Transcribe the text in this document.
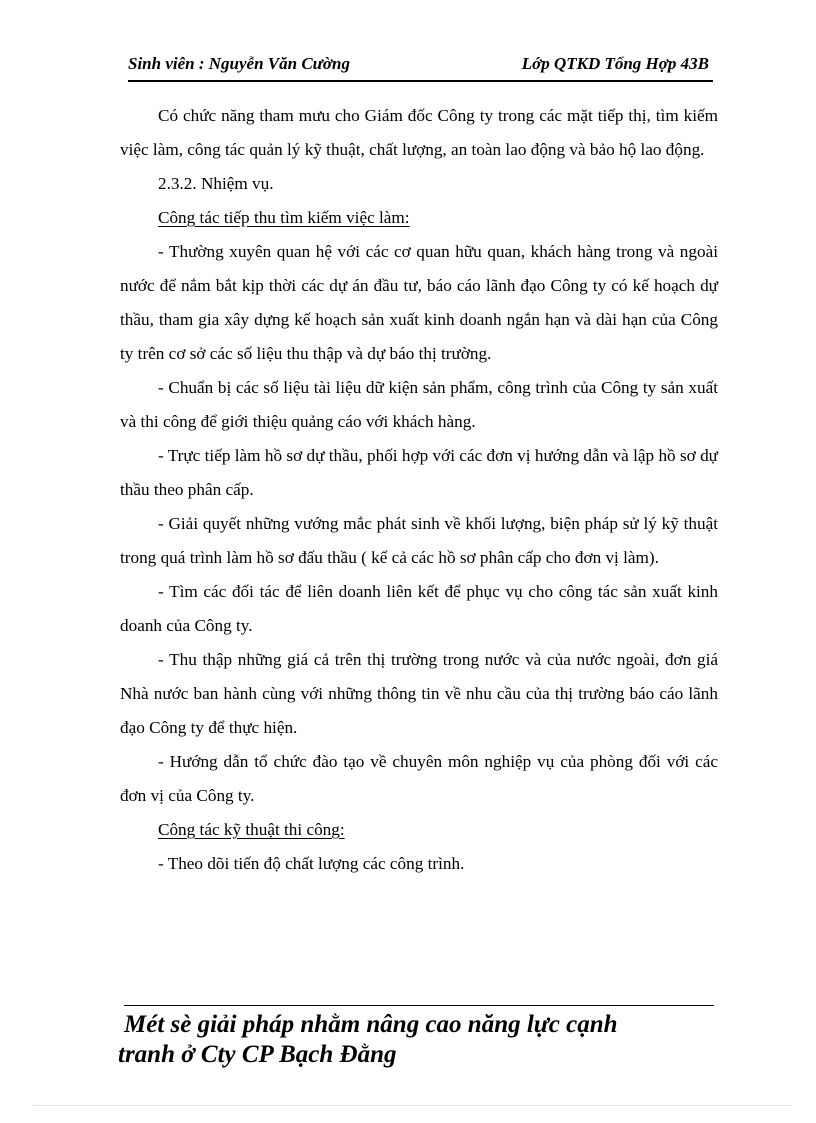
Sinh viên : Nguyễn Văn Cường	Lớp QTKD Tổng Hợp 43B

Có chức năng tham mưu cho Giám đốc Công ty trong các mặt tiếp thị, tìm kiếm việc làm, công tác quản lý kỹ thuật, chất lượng, an toàn lao động và bảo hộ lao động.

2.3.2. Nhiệm vụ.

Công tác tiếp thu tìm kiếm việc làm:

- Thường xuyên quan hệ với các cơ quan hữu quan, khách hàng trong và ngoài nước để nắm bắt kịp thời các dự án đầu tư, báo cáo lãnh đạo Công ty có kế hoạch dự thầu, tham gia xây dựng kế hoạch sản xuất kinh doanh ngắn hạn và dài hạn của Công ty trên cơ sở các số liệu thu thập và dự báo thị trường.

- Chuẩn bị các số liệu tài liệu dữ kiện sản phẩm, công trình của Công ty sản xuất và thi công để giới thiệu quảng cáo với khách hàng.

- Trực tiếp làm hồ sơ dự thầu, phối hợp với các đơn vị hướng dẫn và lập hồ sơ dự thầu theo phân cấp.

- Giải quyết những vướng mắc phát sinh về khối lượng, biện pháp sử lý kỹ thuật trong quá trình làm hồ sơ đấu thầu ( kể cả các hồ sơ phân cấp cho đơn vị làm).

- Tìm các đối tác để liên doanh liên kết để phục vụ cho công tác sản xuất kinh doanh của Công ty.

- Thu thập những giá cả trên thị trường trong nước và của nước ngoài, đơn giá Nhà nước ban hành cùng với những thông tin về nhu cầu của thị trường báo cáo lãnh đạo Công ty để thực hiện.

- Hướng dẫn tổ chức đào tạo về chuyên môn nghiệp vụ của phòng đối với các đơn vị của Công ty.

Công tác kỹ thuật thi công:

- Theo dõi tiến độ chất lượng các công trình.

Mét sè giải pháp nhằm nâng cao năng lực cạnh
tranh ở Cty CP Bạch Đằng
